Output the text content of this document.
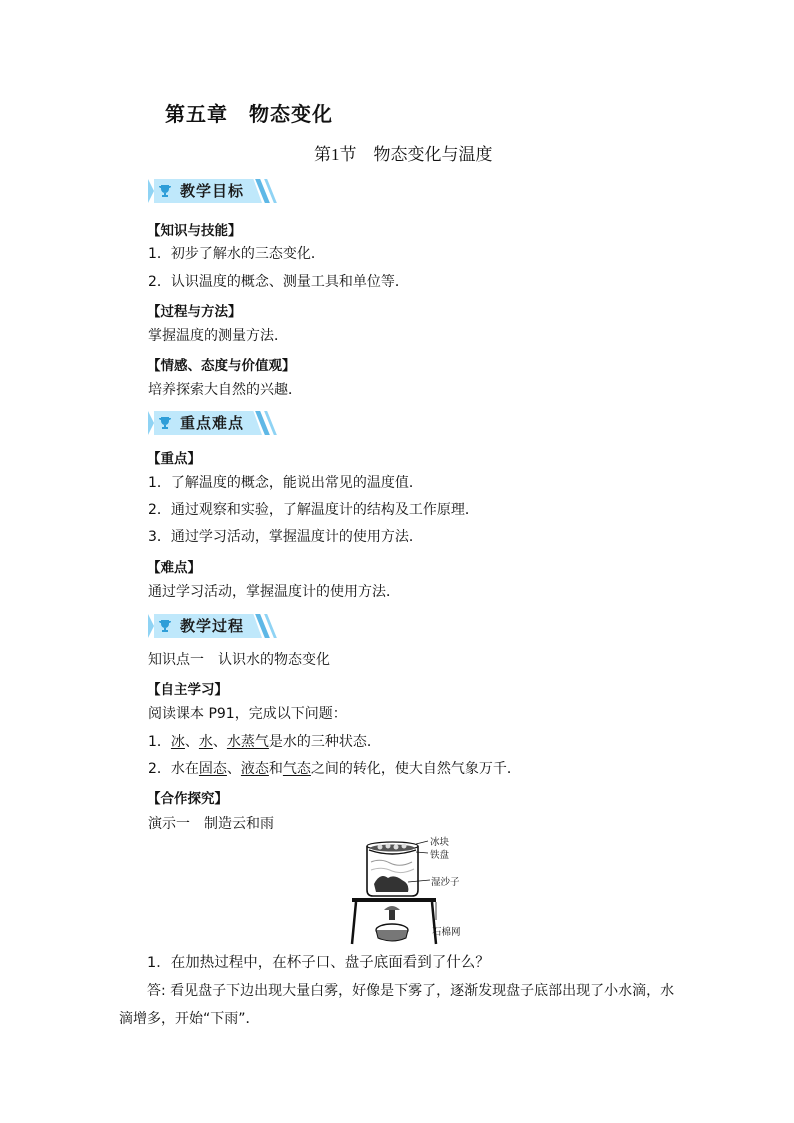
第五章　物态变化
第1节　物态变化与温度
教学目标
【知识与技能】
1．初步了解水的三态变化．
2．认识温度的概念、测量工具和单位等．
【过程与方法】
掌握温度的测量方法．
【情感、态度与价值观】
培养探索大自然的兴趣．
重点难点
【重点】
1．了解温度的概念，能说出常见的温度值．
2．通过观察和实验，了解温度计的结构及工作原理．
3．通过学习活动，掌握温度计的使用方法．
【难点】
通过学习活动，掌握温度计的使用方法．
教学过程
知识点一　认识水的物态变化
【自主学习】
阅读课本 P91，完成以下问题：
1．冰、水、水蒸气是水的三种状态．
2．水在固态、液态和气态之间的转化，使大自然气象万千．
【合作探究】
演示一　制造云和雨
冰块
铁盘
湿沙子
石棉网
1．在加热过程中，在杯子口、盘子底面看到了什么？
答: 看见盘子下边出现大量白雾，好像是下雾了，逐渐发现盘子底部出现了小水滴，水
滴增多，开始“下雨”．
